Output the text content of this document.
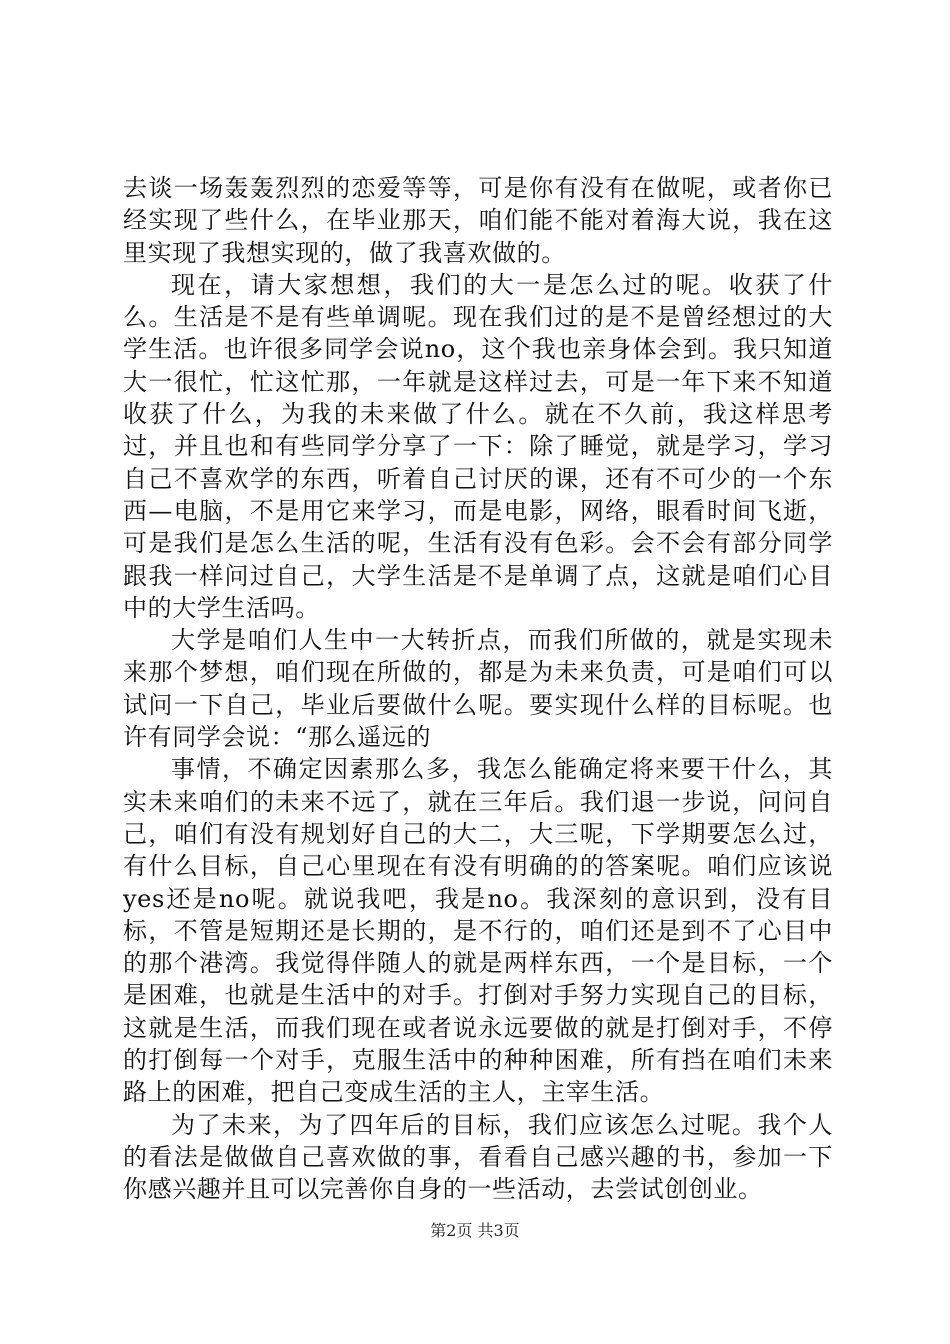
去谈一场轰轰烈烈的恋爱等等，可是你有没有在做呢，或者你已经实现了些什么，在毕业那天，咱们能不能对着海大说，我在这里实现了我想实现的，做了我喜欢做的。

现在，请大家想想，我们的大一是怎么过的呢。收获了什么。生活是不是有些单调呢。现在我们过的是不是曾经想过的大学生活。也许很多同学会说no，这个我也亲身体会到。我只知道大一很忙，忙这忙那，一年就是这样过去，可是一年下来不知道收获了什么，为我的未来做了什么。就在不久前，我这样思考过，并且也和有些同学分享了一下：除了睡觉，就是学习，学习自己不喜欢学的东西，听着自己讨厌的课，还有不可少的一个东西—电脑，不是用它来学习，而是电影，网络，眼看时间飞逝，可是我们是怎么生活的呢，生活有没有色彩。会不会有部分同学跟我一样问过自己，大学生活是不是单调了点，这就是咱们心目中的大学生活吗。

大学是咱们人生中一大转折点，而我们所做的，就是实现未来那个梦想，咱们现在所做的，都是为未来负责，可是咱们可以试问一下自己，毕业后要做什么呢。要实现什么样的目标呢。也许有同学会说：“那么遥远的

事情，不确定因素那么多，我怎么能确定将来要干什么，其实未来咱们的未来不远了，就在三年后。我们退一步说，问问自己，咱们有没有规划好自己的大二，大三呢，下学期要怎么过，有什么目标，自己心里现在有没有明确的的答案呢。咱们应该说yes还是no呢。就说我吧，我是no。我深刻的意识到，没有目标，不管是短期还是长期的，是不行的，咱们还是到不了心目中的那个港湾。我觉得伴随人的就是两样东西，一个是目标，一个是困难，也就是生活中的对手。打倒对手努力实现自己的目标，这就是生活，而我们现在或者说永远要做的就是打倒对手，不停的打倒每一个对手，克服生活中的种种困难，所有挡在咱们未来路上的困难，把自己变成生活的主人，主宰生活。

为了未来，为了四年后的目标，我们应该怎么过呢。我个人的看法是做做自己喜欢做的事，看看自己感兴趣的书，参加一下你感兴趣并且可以完善你自身的一些活动，去尝试创创业。

第2页 共3页
